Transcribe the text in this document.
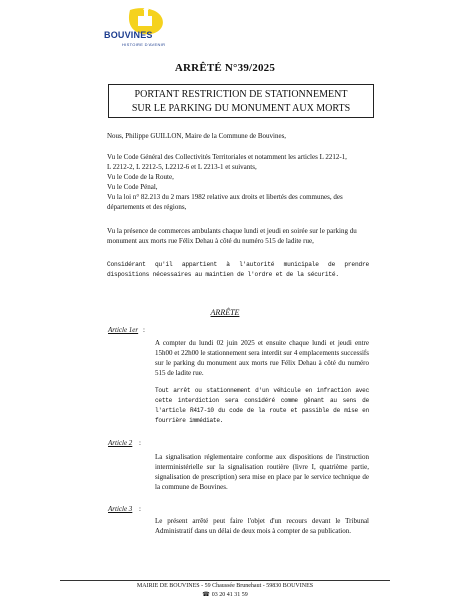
BOUVINES
HISTOIRE D'AVENIR
ARRÊTÉ N°39/2025
PORTANT RESTRICTION DE STATIONNEMENT
SUR LE PARKING DU MONUMENT AUX MORTS
Nous, Philippe GUILLON, Maire de la Commune de Bouvines,
Vu le Code Général des Collectivités Territoriales et notamment les articles L 2212-1,
L 2212-2, L 2212-5, L2212-6 et L 2213-1 et suivants,
Vu le Code de la Route,
Vu le Code Pénal,
Vu la loi n° 82.213 du 2 mars 1982 relative aux droits et libertés des communes, des
départements et des régions,
Vu la présence de commerces ambulants chaque lundi et jeudi en soirée sur le parking du monument aux morts rue Félix Dehau à côté du numéro 515 de ladite rue,
Considérant qu'il appartient à l'autorité municipale de prendre dispositions nécessaires au maintien de l'ordre et de la sécurité.
ARRÊTE
Article 1er :
A compter du lundi 02 juin 2025 et ensuite chaque lundi et jeudi entre 15h00 et 22h00 le stationnement sera interdit sur 4 emplacements successifs sur le parking du monument aux morts rue Félix Dehau à côté du numéro 515 de ladite rue.
Tout arrêt ou stationnement d'un véhicule en infraction avec cette interdiction sera considéré comme gênant au sens de l'article R417-10 du code de la route et passible de mise en fourrière immédiate.
Article 2 :
La signalisation réglementaire conforme aux dispositions de l'instruction interministérielle sur la signalisation routière (livre I, quatrième partie, signalisation de prescription) sera mise en place par le service technique de la commune de Bouvines.
Article 3 :
Le présent arrêté peut faire l'objet d'un recours devant le Tribunal Administratif dans un délai de deux mois à compter de sa publication.
MAIRIE DE BOUVINES - 59 Chaussée Brunehaut - 59830 BOUVINES
☎ 03 20 41 31 59
